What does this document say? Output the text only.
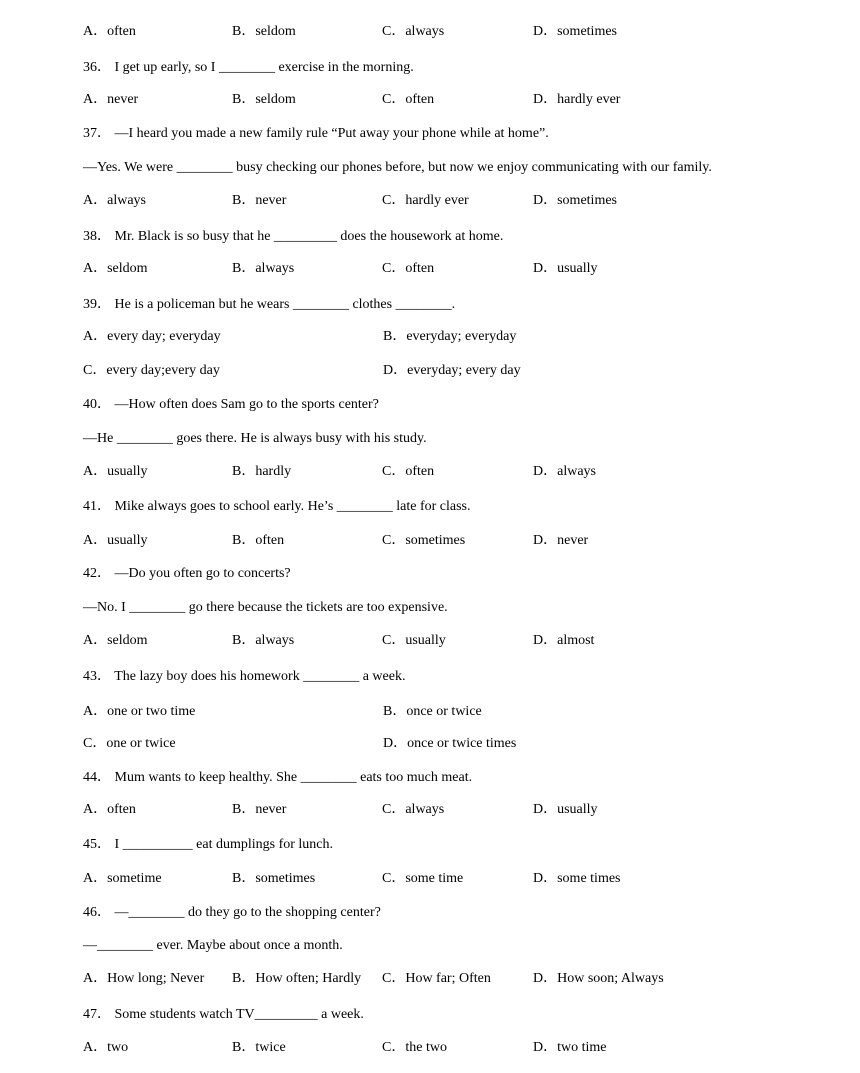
A．often	B．seldom	C．always	D．sometimes
36． I get up early, so I ________ exercise in the morning.
A．never	B．seldom	C．often	D．hardly ever
37． —I heard you made a new family rule “Put away your phone while at home”.
—Yes. We were ________ busy checking our phones before, but now we enjoy communicating with our family.
A．always	B．never	C．hardly ever	D．sometimes
38． Mr. Black is so busy that he _________ does the housework at home.
A．seldom	B．always	C．often	D．usually
39． He is a policeman but he wears ________ clothes ________.
A．every day; everyday	B．everyday; everyday
C．every day;every day	D．everyday; every day
40． —How often does Sam go to the sports center?
—He ________ goes there. He is always busy with his study.
A．usually	B．hardly	C．often	D．always
41． Mike always goes to school early. He’s ________ late for class.
A．usually	B．often	C．sometimes	D．never
42． —Do you often go to concerts?
—No. I ________ go there because the tickets are too expensive.
A．seldom	B．always	C．usually	D．almost
43． The lazy boy does his homework ________ a week.
A．one or two time	B．once or twice
C．one or twice	D．once or twice times
44． Mum wants to keep healthy. She ________ eats too much meat.
A．often	B．never	C．always	D．usually
45． I __________ eat dumplings for lunch.
A．sometime	B．sometimes	C．some time	D．some times
46． —________ do they go to the shopping center?
—________ ever. Maybe about once a month.
A．How long; Never B．How often; Hardly C．How far; Often	D．How soon; Always
47． Some students watch TV_________ a week.
A．two	B．twice	C．the two	D．two time
